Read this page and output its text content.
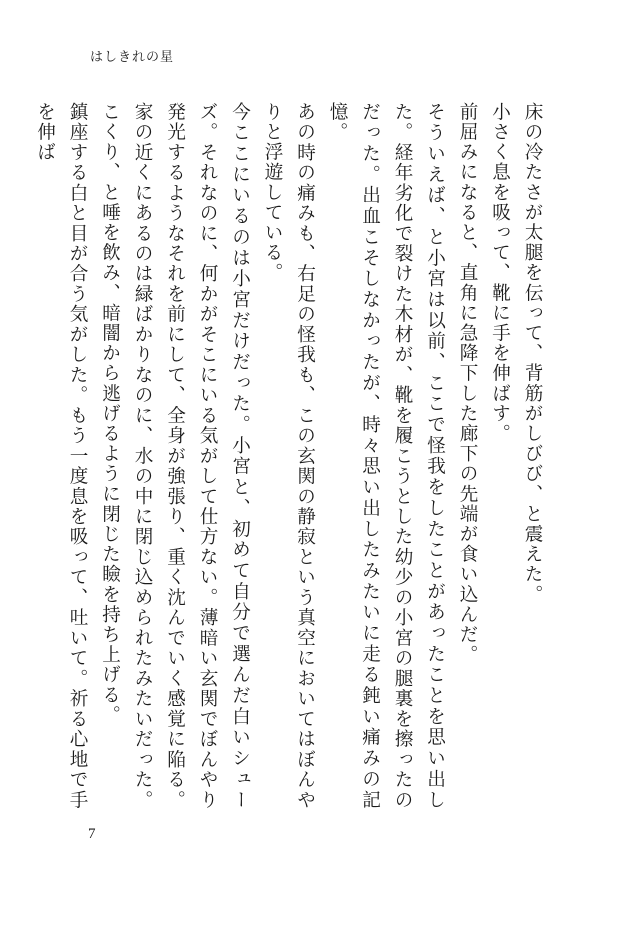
はしきれの星

床の冷たさが太腿を伝って、背筋がしびび、と震えた。

小さく息を吸って、靴に手を伸ばす。

前屈みになると、直角に急降下した廊下の先端が食い込んだ。

そういえば、と小宮は以前、ここで怪我をしたことがあったことを思い出した。経年劣化で裂けた木材が、靴を履こうとした幼少の小宮の腿裏を擦ったのだった。出血こそしなかったが、時々思い出したみたいに走る鈍い痛みの記憶。

あの時の痛みも、右足の怪我も、この玄関の静寂という真空においてはぼんやりと浮遊している。

今ここにいるのは小宮だけだった。小宮と、初めて自分で選んだ白いシューズ。それなのに、何かがそこにいる気がして仕方ない。薄暗い玄関でぼんやり発光するようなそれを前にして、全身が強張り、重く沈んでいく感覚に陥る。家の近くにあるのは緑ばかりなのに、水の中に閉じ込められたみたいだった。こくり、と唾を飲み、暗闇から逃げるように閉じた瞼を持ち上げる。

鎮座する白と目が合う気がした。もう一度息を吸って、吐いて。祈る心地で手を伸ば

7
